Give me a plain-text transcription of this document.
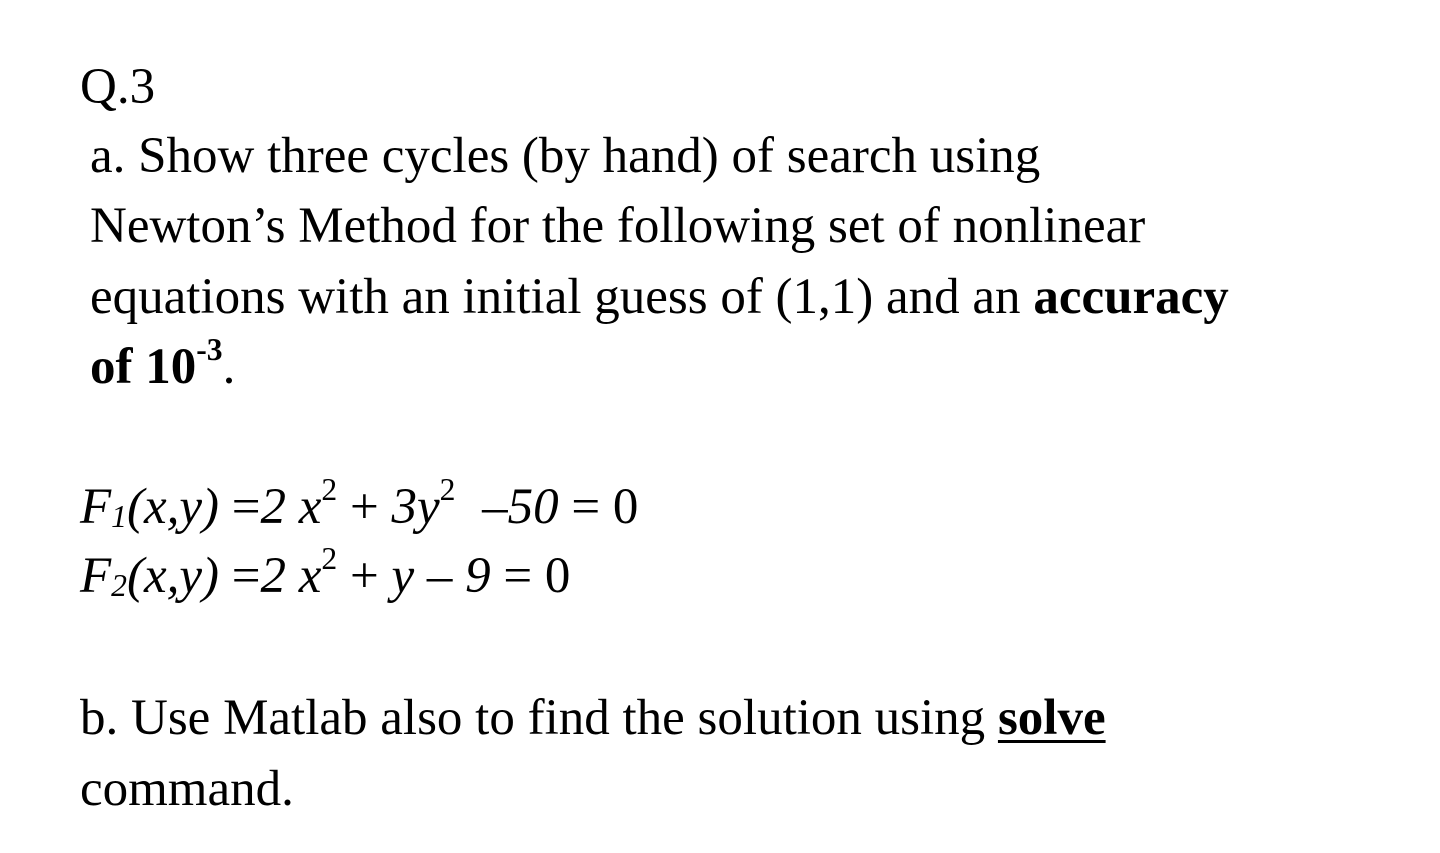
Q.3
a. Show three cycles (by hand) of search using
Newton’s Method for the following set of nonlinear
equations with an initial guess of (1,1) and an accuracy
of $10^{-3}$.
$F_1(x,y) =2$ $x^2 + 3y^2$ –50 = 0
$F_2(x,y) =2$ $x^2 + y - 9 = 0$
b. Use Matlab also to find the solution using solve
command.
